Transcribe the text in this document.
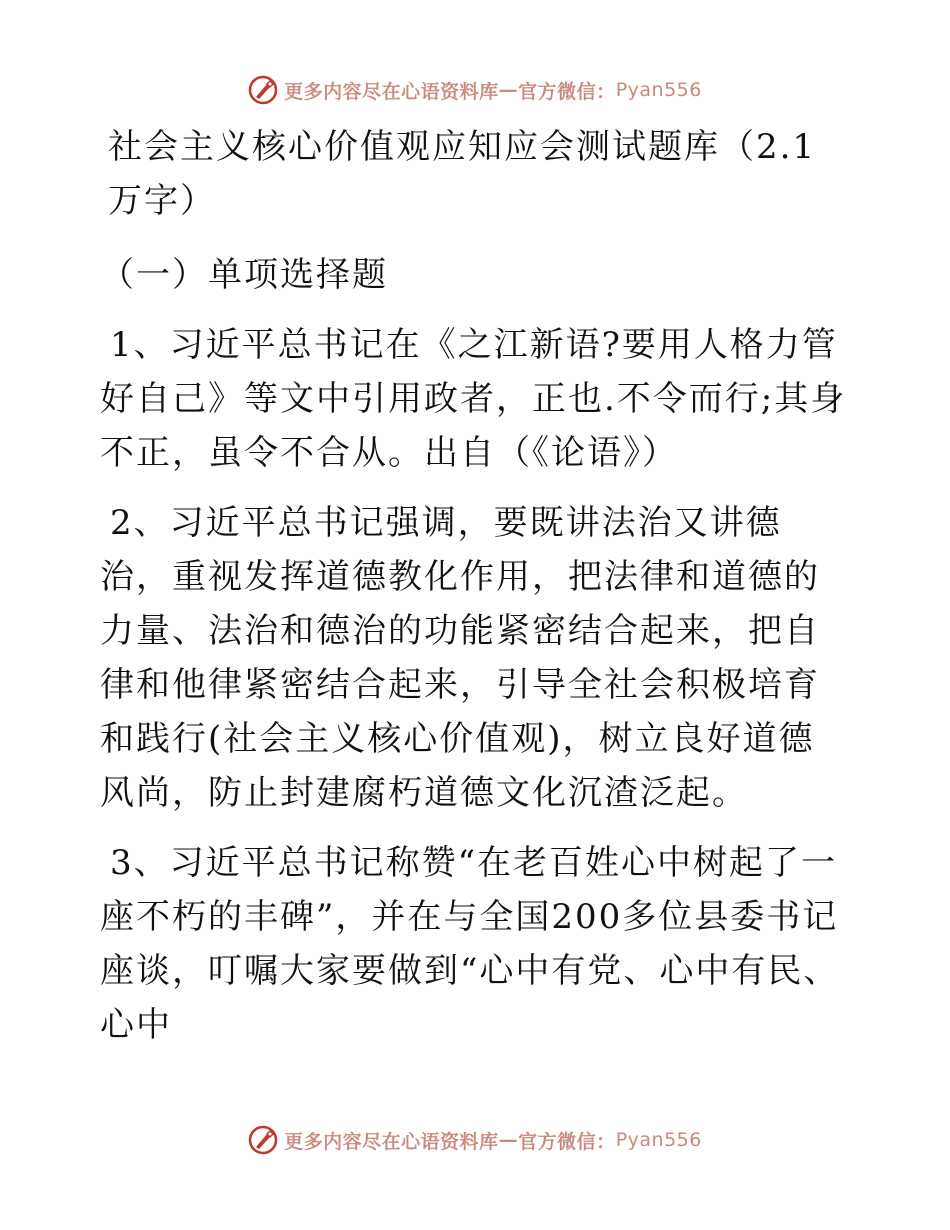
更多内容尽在心语资料库 — 官方微信： Pyan556

社会主义核心价值观应知应会测试题库（2.1万字）

（一）单项选择题

1、习近平总书记在《之江新语?要用人格力管好自己》等文中引用政者，正也.不令而行;其身不正，虽令不合从。出自（《论语》）

2、习近平总书记强调，要既讲法治又讲德治，重视发挥道德教化作用，把法律和道德的力量、法治和德治的功能紧密结合起来，把自律和他律紧密结合起来，引导全社会积极培育和践行(社会主义核心价值观)，树立良好道德风尚，防止封建腐朽道德文化沉渣泛起。

3、习近平总书记称赞“在老百姓心中树起了一座不朽的丰碑”，并在与全国200多位县委书记座谈，叮嘱大家要做到“心中有党、心中有民、心中

更多内容尽在心语资料库 — 官方微信： Pyan556
